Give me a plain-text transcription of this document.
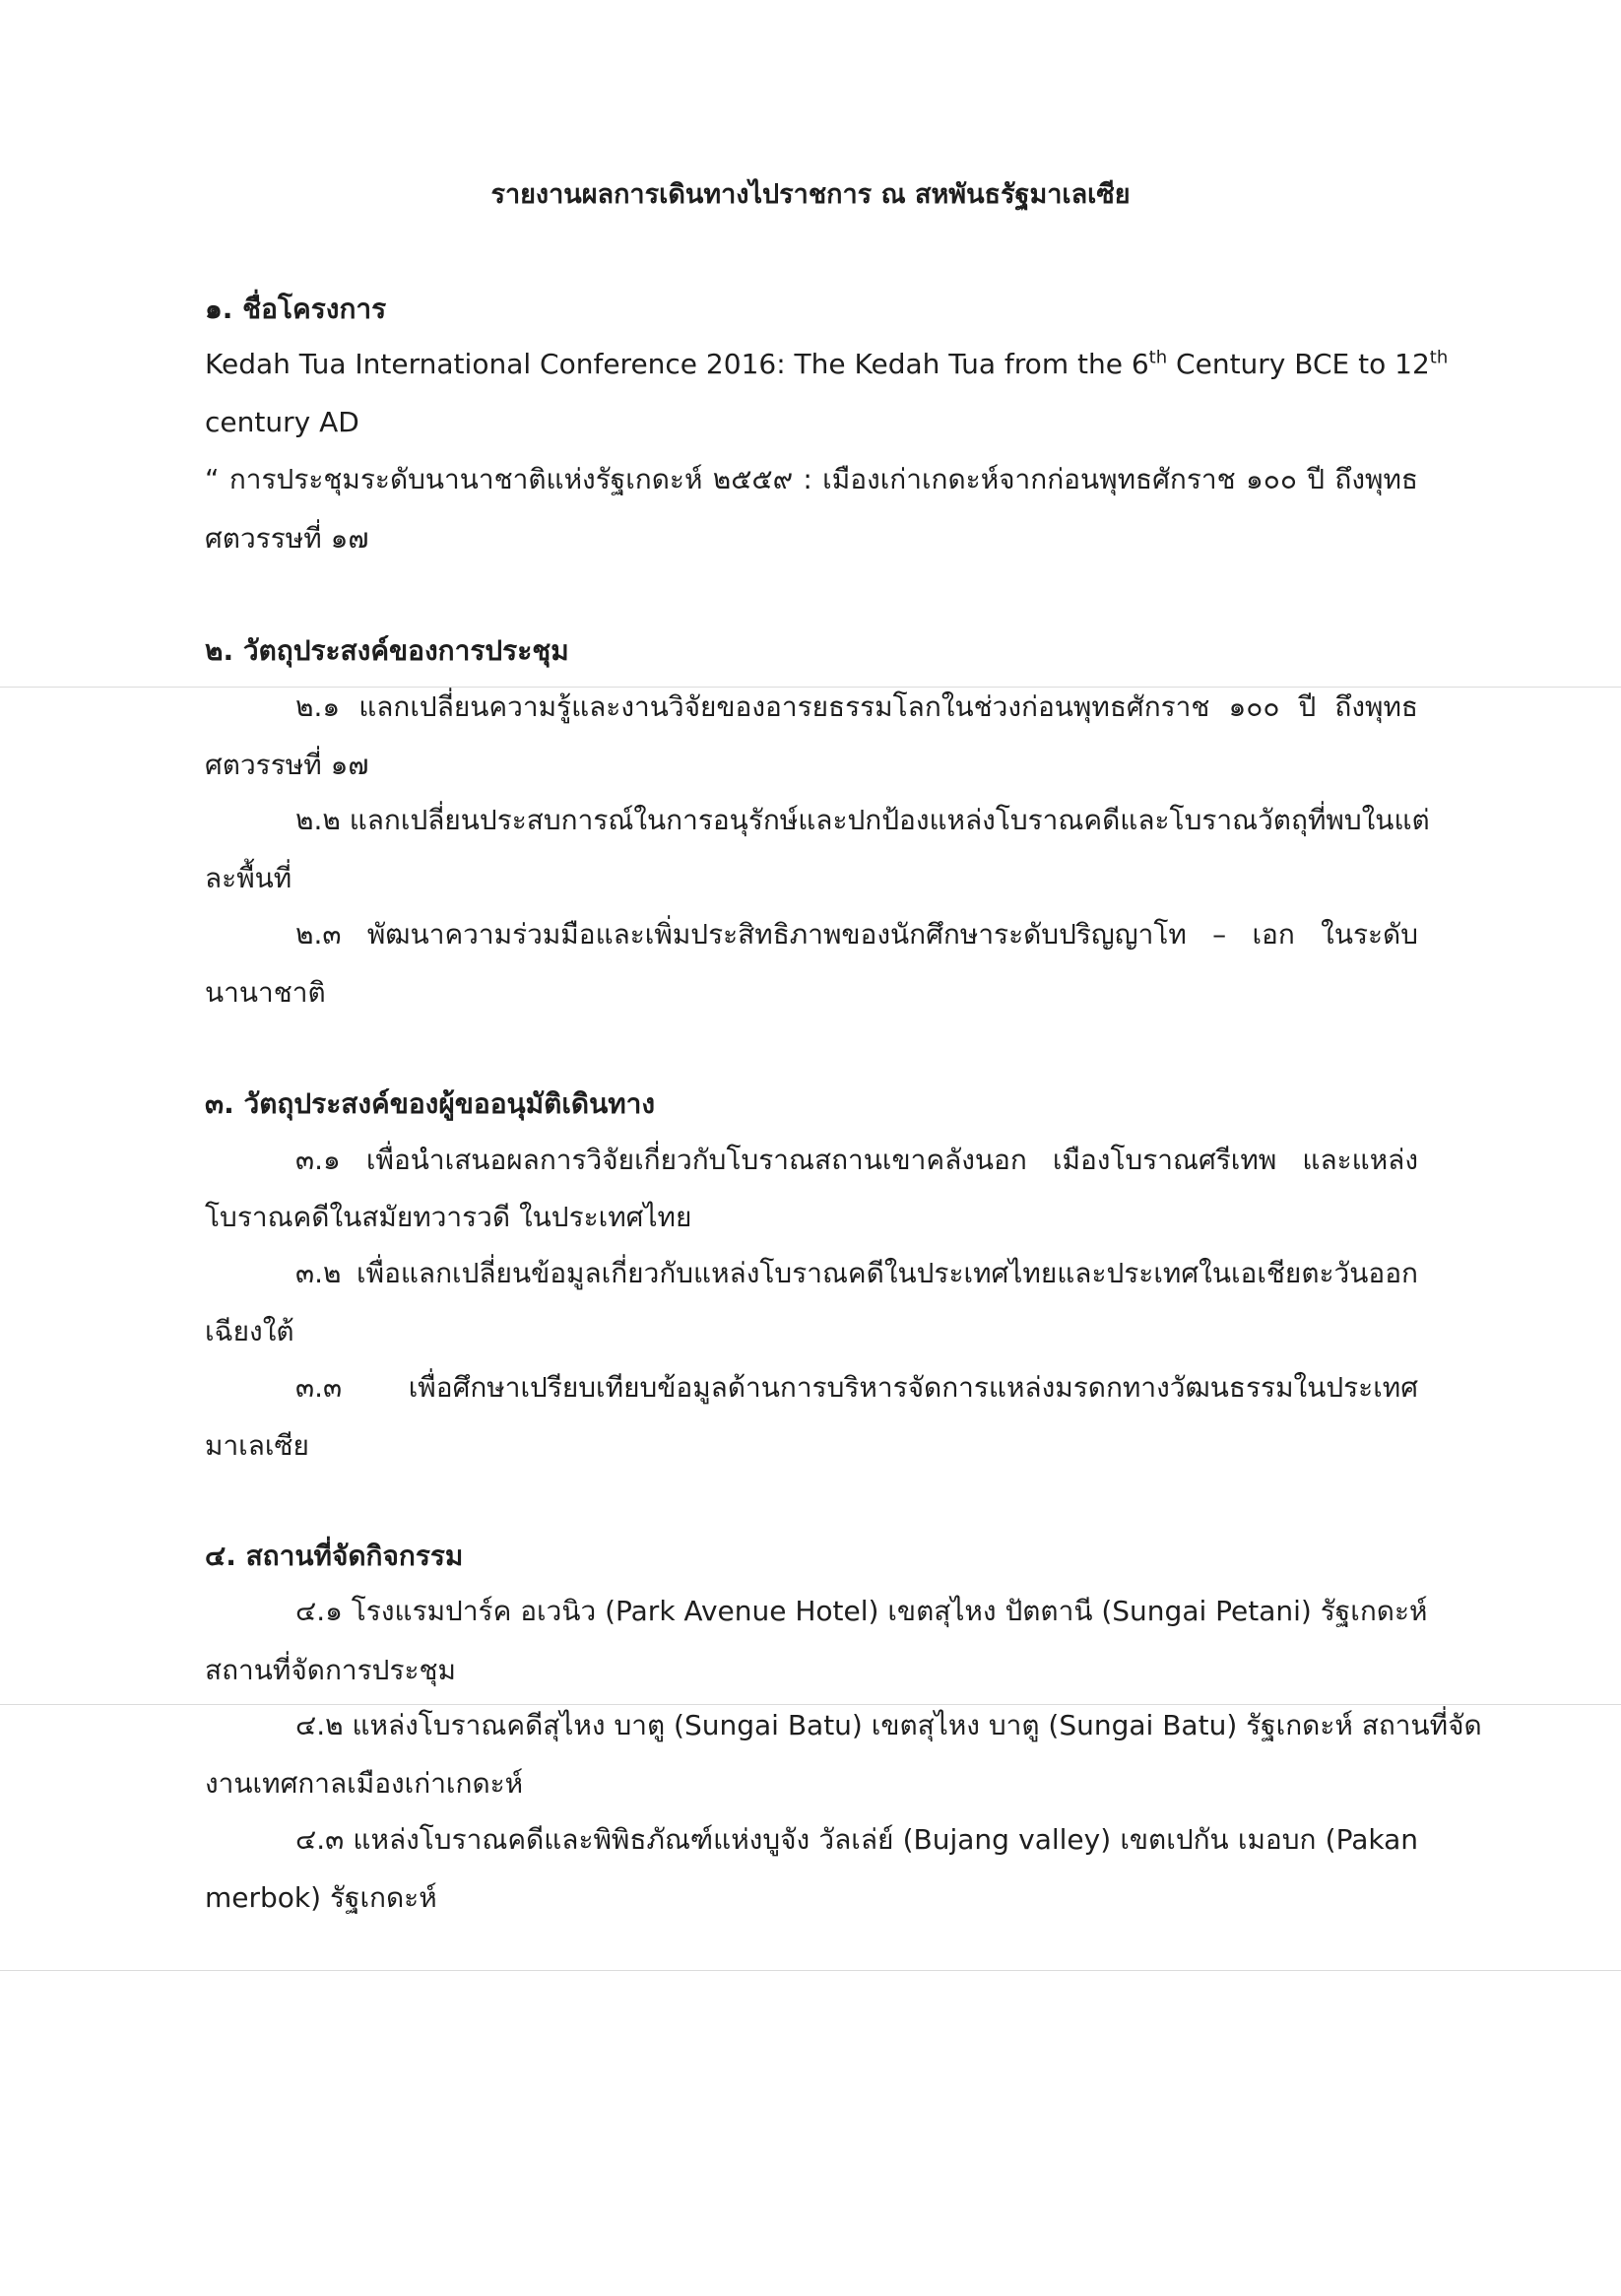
รายงานผลการเดินทางไปราชการ ณ สหพันธรัฐมาเลเซีย
๑. ชื่อโครงการ
Kedah Tua International Conference 2016: The Kedah Tua from the 6th Century BCE to 12th
century AD
“ การประชุมระดับนานาชาติแห่งรัฐเกดะห์ ๒๕๕๙ : เมืองเก่าเกดะห์จากก่อนพุทธศักราช ๑๐๐ ปี ถึงพุทธ
ศตวรรษที่ ๑๗
๒. วัตถุประสงค์ของการประชุม
๒.๑ แลกเปลี่ยนความรู้และงานวิจัยของอารยธรรมโลกในช่วงก่อนพุทธศักราช ๑๐๐ ปี ถึงพุทธ
ศตวรรษที่ ๑๗
๒.๒ แลกเปลี่ยนประสบการณ์ในการอนุรักษ์และปกป้องแหล่งโบราณคดีและโบราณวัตถุที่พบในแต่
ละพื้นที่
๒.๓ พัฒนาความร่วมมือและเพิ่มประสิทธิภาพของนักศึกษาระดับปริญญาโท – เอก ในระดับ
นานาชาติ
๓. วัตถุประสงค์ของผู้ขออนุมัติเดินทาง
๓.๑ เพื่อนำเสนอผลการวิจัยเกี่ยวกับโบราณสถานเขาคลังนอก เมืองโบราณศรีเทพ และแหล่ง
โบราณคดีในสมัยทวารวดี ในประเทศไทย
๓.๒ เพื่อแลกเปลี่ยนข้อมูลเกี่ยวกับแหล่งโบราณคดีในประเทศไทยและประเทศในเอเชียตะวันออก
เฉียงใต้
๓.๓ เพื่อศึกษาเปรียบเทียบข้อมูลด้านการบริหารจัดการแหล่งมรดกทางวัฒนธรรมในประเทศ
มาเลเซีย
๔. สถานที่จัดกิจกรรม
๔.๑ โรงแรมปาร์ค อเวนิว (Park Avenue Hotel) เขตสุไหง ปัตตานี (Sungai Petani) รัฐเกดะห์
สถานที่จัดการประชุม
๔.๒ แหล่งโบราณคดีสุไหง บาตู (Sungai Batu) เขตสุไหง บาตู (Sungai Batu) รัฐเกดะห์ สถานที่จัด
งานเทศกาลเมืองเก่าเกดะห์
๔.๓ แหล่งโบราณคดีและพิพิธภัณฑ์แห่งบูจัง วัลเล่ย์ (Bujang valley) เขตเปกัน เมอบก (Pakan
merbok) รัฐเกดะห์
